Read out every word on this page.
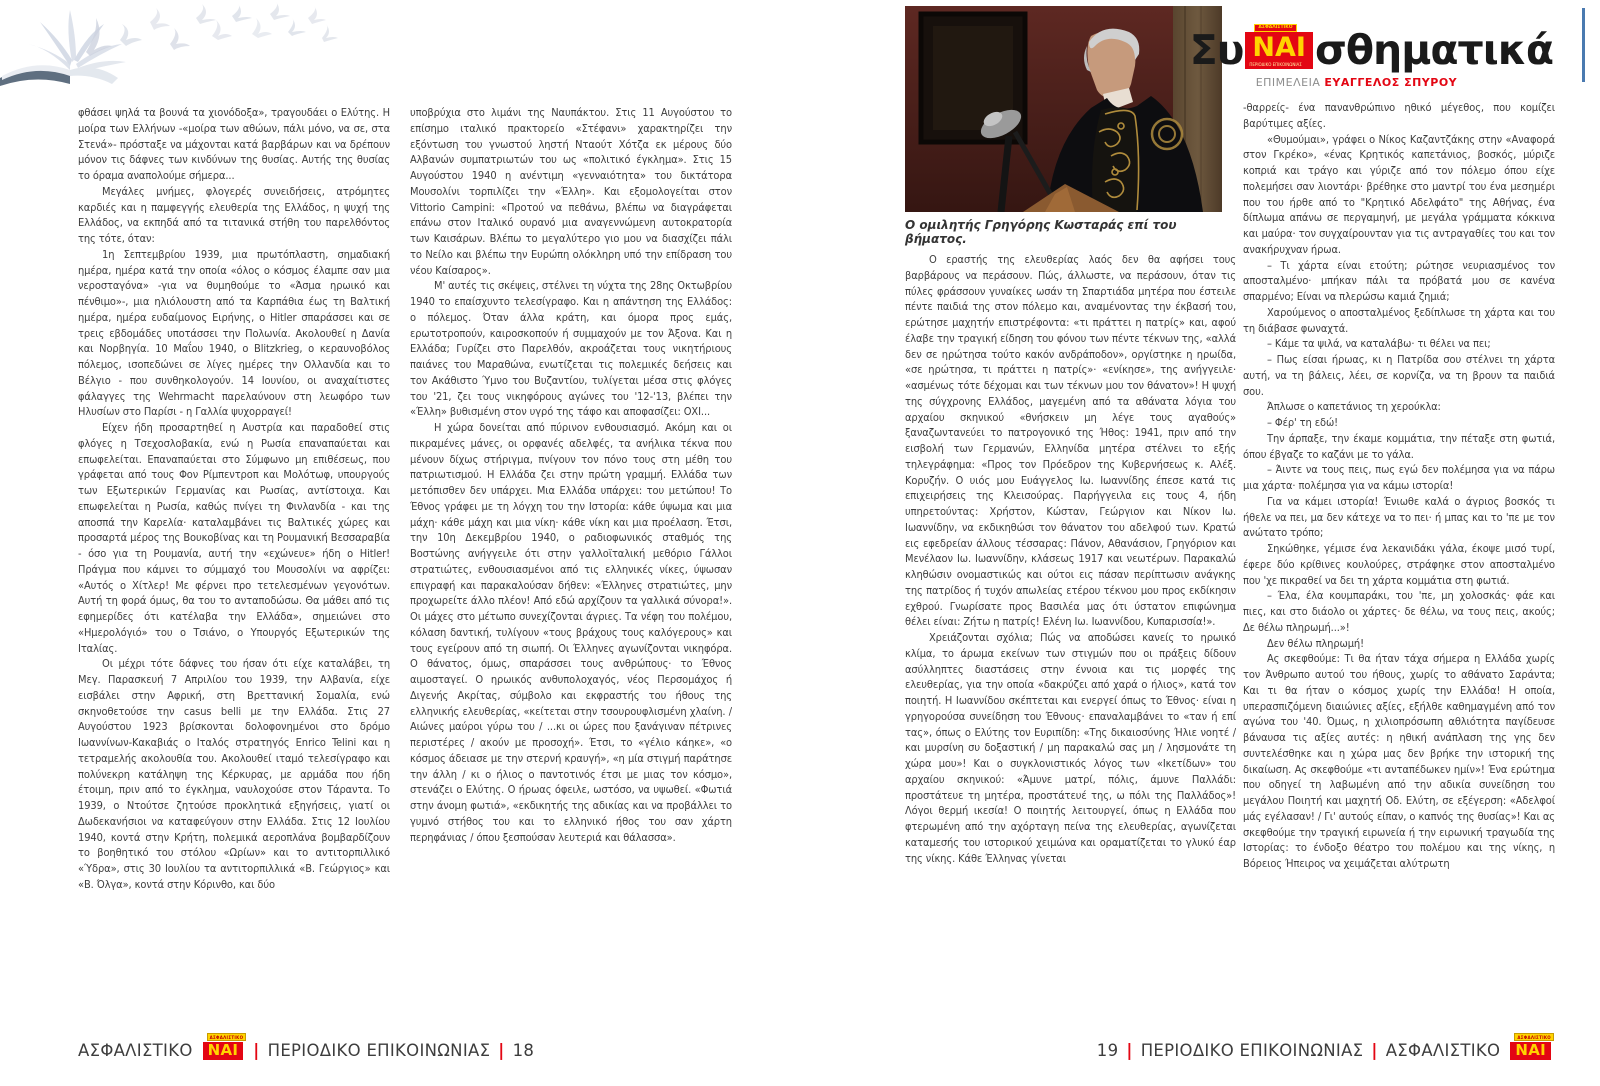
φθάσει ψηλά τα βουνά τα χιονόδοξα», τραγουδάει ο Ελύτης. Η μοίρα των Ελλήνων -«μοίρα των αθώων, πάλι μόνο, να σε, στα Στενά»- πρόσταξε να μάχονται κατά βαρβάρων και να δρέπουν μόνον τις δάφνες των κινδύνων της θυσίας. Αυτής της θυσίας το όραμα αναπολούμε σήμερα...

Μεγάλες μνήμες, φλογερές συνειδήσεις, ατρόμητες καρδιές και η παμφεγγής ελευθερία της Ελλάδος, η ψυχή της Ελλάδος, να εκπηδά από τα τιτανικά στήθη του παρελθόντος της τότε, όταν:

1η Σεπτεμβρίου 1939, μια πρωτόπλαστη, σημαδιακή ημέρα, ημέρα κατά την οποία «όλος ο κόσμος έλαμπε σαν μια νεροσταγόνα» -για να θυμηθούμε το «Άσμα ηρωικό και πένθιμο»-, μια ηλιόλουστη από τα Καρπάθια έως τη Βαλτική ημέρα, ημέρα ευδαίμονος Ειρήνης, ο Hitler σπαράσσει και σε τρεις εβδομάδες υποτάσσει την Πολωνία. Ακολουθεί η Δανία και Νορβηγία. 10 Μαΐου 1940, ο Blitzkrieg, ο κεραυνοβόλος πόλεμος, ισοπεδώνει σε λίγες ημέρες την Ολλανδία και το Βέλγιο - που συνθηκολογούν. 14 Ιουνίου, οι αναχαίτιστες φάλαγγες της Wehrmacht παρελαύνουν στη λεωφόρο των Ηλυσίων στο Παρίσι - η Γαλλία ψυχορραγεί!

Είχεν ήδη προσαρτηθεί η Αυστρία και παραδοθεί στις φλόγες η Τσεχοσλοβακία, ενώ η Ρωσία επαναπαύεται και επωφελείται. Επαναπαύεται στο Σύμφωνο μη επιθέσεως, που γράφεται από τους Φον Ρίμπεντροπ και Μολότωφ, υπουργούς των Εξωτερικών Γερμανίας και Ρωσίας, αντίστοιχα. Και επωφελείται η Ρωσία, καθώς πνίγει τη Φινλανδία - και της αποσπά την Καρελία· καταλαμβάνει τις Βαλτικές χώρες και προσαρτά μέρος της Βουκοβίνας και τη Ρουμανική Βεσσαραβία - όσο για τη Ρουμανία, αυτή την «εχώνευε» ήδη ο Hitler! Πράγμα που κάμνει το σύμμαχό του Μουσολίνι να αφρίζει: «Αυτός ο Χίτλερ! Με φέρνει προ τετελεσμένων γεγονότων. Αυτή τη φορά όμως, θα του το ανταποδώσω. Θα μάθει από τις εφημερίδες ότι κατέλαβα την Ελλάδα», σημειώνει στο «Ημερολόγιό» του ο Τσιάνο, ο Υπουργός Εξωτερικών της Ιταλίας.

Οι μέχρι τότε δάφνες του ήσαν ότι είχε καταλάβει, τη Μεγ. Παρασκευή 7 Απριλίου του 1939, την Αλβανία, είχε εισβάλει στην Αφρική, στη Βρεττανική Σομαλία, ενώ σκηνοθετούσε την casus belli με την Ελλάδα. Στις 27 Αυγούστου 1923 βρίσκονται δολοφονημένοι στο δρόμο Ιωαννίνων-Κακαβιάς ο Ιταλός στρατηγός Enrico Telini και η τετραμελής ακολουθία του. Ακολουθεί ιταμό τελεσίγραφο και πολύνεκρη κατάληψη της Κέρκυρας, με αρμάδα που ήδη έτοιμη, πριν από το έγκλημα, ναυλοχούσε στον Τάραντα. Το 1939, ο Ντούτσε ζητούσε προκλητικά εξηγήσεις, γιατί οι Δωδεκανήσιοι να καταφεύγουν στην Ελλάδα. Στις 12 Ιουλίου 1940, κοντά στην Κρήτη, πολεμικά αεροπλάνα βομβαρδίζουν το βοηθητικό του στόλου «Ωρίων» και το αντιτορπιλλικό «Ύδρα», στις 30 Ιουλίου τα αντιτορπιλλικά «Β. Γεώργιος» και «Β. Όλγα», κοντά στην Κόρινθο, και δύο

υποβρύχια στο λιμάνι της Ναυπάκτου. Στις 11 Αυγούστου το επίσημο ιταλικό πρακτορείο «Στέφανι» χαρακτηρίζει την εξόντωση του γνωστού ληστή Νταούτ Χότζα εκ μέρους δύο Αλβανών συμπατριωτών του ως «πολιτικό έγκλημα». Στις 15 Αυγούστου 1940 η ανέντιμη «γενναιότητα» του δικτάτορα Μουσολίνι τορπιλίζει την «Έλλη». Και εξομολογείται στον Vittorio Campini: «Προτού να πεθάνω, βλέπω να διαγράφεται επάνω στον Ιταλικό ουρανό μια αναγεννώμενη αυτοκρατορία των Καισάρων. Βλέπω το μεγαλύτερο γιο μου να διασχίζει πάλι το Νείλο και βλέπω την Ευρώπη ολόκληρη υπό την επίδραση του νέου Καίσαρος».

Μ' αυτές τις σκέψεις, στέλνει τη νύχτα της 28ης Οκτωβρίου 1940 το επαίσχυντο τελεσίγραφο. Και η απάντηση της Ελλάδος: ο πόλεμος. Όταν άλλα κράτη, και όμορα προς εμάς, ερωτοτροπούν, καιροσκοπούν ή συμμαχούν με τον Άξονα. Και η Ελλάδα; Γυρίζει στο Παρελθόν, ακροάζεται τους νικητήριους παιάνες του Μαραθώνα, ενωτίζεται τις πολεμικές δεήσεις και τον Ακάθιστο Ύμνο του Βυζαντίου, τυλίγεται μέσα στις φλόγες του '21, ζει τους νικηφόρους αγώνες του '12-'13, βλέπει την «Έλλη» βυθισμένη στον υγρό της τάφο και αποφασίζει: ΟΧΙ...

Η χώρα δονείται από πύρινον ενθουσιασμό. Ακόμη και οι πικραμένες μάνες, οι ορφανές αδελφές, τα ανήλικα τέκνα που μένουν δίχως στήριγμα, πνίγουν τον πόνο τους στη μέθη του πατριωτισμού. Η Ελλάδα ζει στην πρώτη γραμμή. Ελλάδα των μετόπισθεν δεν υπάρχει. Μια Ελλάδα υπάρχει: του μετώπου! Το Έθνος γράφει με τη λόγχη του την Ιστορία: κάθε ύψωμα και μια μάχη· κάθε μάχη και μια νίκη· κάθε νίκη και μια προέλαση. Έτσι, την 10η Δεκεμβρίου 1940, ο ραδιοφωνικός σταθμός της Βοστώνης ανήγγειλε ότι στην γαλλοϊταλική μεθόριο Γάλλοι στρατιώτες, ενθουσιασμένοι από τις ελληνικές νίκες, ύψωσαν επιγραφή και παρακαλούσαν δήθεν: «Έλληνες στρατιώτες, μην προχωρείτε άλλο πλέον! Από εδώ αρχίζουν τα γαλλικά σύνορα!». Οι μάχες στο μέτωπο συνεχίζονται άγριες. Τα νέφη του πολέμου, κόλαση δαντική, τυλίγουν «τους βράχους τους καλόγερους» και τους εγείρουν από τη σιωπή. Οι Έλληνες αγωνίζονται νικηφόρα. Ο θάνατος, όμως, σπαράσσει τους ανθρώπους· το Έθνος αιμοσταγεί. Ο ηρωικός ανθυπολοχαγός, νέος Περσομάχος ή Διγενής Ακρίτας, σύμβολο και εκφραστής του ήθους της ελληνικής ελευθερίας, «κείτεται στην τσουρουφλισμένη χλαίνη. / Αιώνες μαύροι γύρω του / ...κι οι ώρες που ξανάγιναν πέτρινες περιστέρες / ακούν με προσοχή». Έτσι, το «γέλιο κάηκε», «ο κόσμος άδειασε με την στερνή κραυγή», «η μία στιγμή παράτησε την άλλη / κι ο ήλιος ο παντοτινός έτσι με μιας τον κόσμο», στενάζει ο Ελύτης. Ο ήρωας όφειλε, ωστόσο, να υψωθεί. «Φωτιά στην άνομη φωτιά», «εκδικητής της αδικίας και να προβάλλει το γυμνό στήθος του και το ελληνικό ήθος του σαν χάρτη περηφάνιας / όπου ξεσπούσαν λευτεριά και θάλασσα».

Ο ομιλητής Γρηγόρης Κωσταράς επί του βήματος.

Ο εραστής της ελευθερίας λαός δεν θα αφήσει τους βαρβάρους να περάσουν. Πώς, άλλωστε, να περάσουν, όταν τις πύλες φράσσουν γυναίκες ωσάν τη Σπαρτιάδα μητέρα που έστειλε πέντε παιδιά της στον πόλεμο και, αναμένοντας την έκβασή του, ερώτησε μαχητήν επιστρέφοντα: «τι πράττει η πατρίς» και, αφού έλαβε την τραγική είδηση του φόνου των πέντε τέκνων της, «αλλά δεν σε ηρώτησα τούτο κακόν ανδράποδον», οργίστηκε η ηρωίδα, «σε ηρώτησα, τι πράττει η πατρίς»· «ενίκησε», της ανήγγειλε· «ασμένως τότε δέχομαι και των τέκνων μου τον θάνατον»! Η ψυχή της σύγχρονης Ελλάδος, μαγεμένη από τα αθάνατα λόγια του αρχαίου σκηνικού «θνήσκειν μη λέγε τους αγαθούς» ξαναζωντανεύει το πατρογονικό της Ήθος: 1941, πριν από την εισβολή των Γερμανών, Ελληνίδα μητέρα στέλνει το εξής τηλεγράφημα: «Προς τον Πρόεδρον της Κυβερνήσεως κ. Αλέξ. Κορυζήν. Ο υιός μου Ευάγγελος Ιω. Ιωαννίδης έπεσε κατά τις επιχειρήσεις της Κλεισούρας. Παρήγγειλα εις τους 4, ήδη υπηρετούντας: Χρήστον, Κώσταν, Γεώργιον και Νίκον Ιω. Ιωαννίδην, να εκδικηθώσι τον θάνατον του αδελφού των. Κρατώ εις εφεδρείαν άλλους τέσσαρας: Πάνον, Αθανάσιον, Γρηγόριον και Μενέλαον Ιω. Ιωαννίδην, κλάσεως 1917 και νεωτέρων. Παρακαλώ κληθώσιν ονομαστικώς και ούτοι εις πάσαν περίπτωσιν ανάγκης της πατρίδος ή τυχόν απωλείας ετέρου τέκνου μου προς εκδίκησιν εχθρού. Γνωρίσατε προς Βασιλέα μας ότι ύστατον επιφώνημα θέλει είναι: Ζήτω η πατρίς! Ελένη Ιω. Ιωαννίδου, Κυπαρισσία!».

Χρειάζονται σχόλια; Πώς να αποδώσει κανείς το ηρωικό κλίμα, το άρωμα εκείνων των στιγμών που οι πράξεις δίδουν ασύλληπτες διαστάσεις στην έννοια και τις μορφές της ελευθερίας, για την οποία «δακρύζει από χαρά ο ήλιος», κατά τον ποιητή. Η Ιωαννίδου σκέπτεται και ενεργεί όπως το Έθνος· είναι η γρηγορούσα συνείδηση του Έθνους· επαναλαμβάνει το «ταν ή επί τας», όπως ο Ελύτης τον Ευριπίδη: «Της δικαιοσύνης Ήλιε νοητέ / και μυρσίνη συ δοξαστική / μη παρακαλώ σας μη / λησμονάτε τη χώρα μου»! Και ο συγκλονιστικός λόγος των «Ικετίδων» του αρχαίου σκηνικού: «Άμυνε ματρί, πόλις, άμυνε Παλλάδι: προστάτευε τη μητέρα, προστάτευέ της, ω πόλι της Παλλάδος»! Λόγοι θερμή ικεσία! Ο ποιητής λειτουργεί, όπως η Ελλάδα που φτερωμένη από την αχόρταγη πείνα της ελευθερίας, αγωνίζεται καταμεσής του ιστορικού χειμώνα και οραματίζεται το γλυκύ έαρ της νίκης. Κάθε Έλληνας γίνεται

-θαρρείς- ένα πανανθρώπινο ηθικό μέγεθος, που κομίζει βαρύτιμες αξίες.

«Θυμούμαι», γράφει ο Νίκος Καζαντζάκης στην «Αναφορά στον Γκρέκο», «ένας Κρητικός καπετάνιος, βοσκός, μύριζε κοπριά και τράγο και γύριζε από τον πόλεμο όπου είχε πολεμήσει σαν λιοντάρι· βρέθηκε στο μαντρί του ένα μεσημέρι που του ήρθε από το "Κρητικό Αδελφάτο" της Αθήνας, ένα δίπλωμα απάνω σε περγαμηνή, με μεγάλα γράμματα κόκκινα και μαύρα· τον συγχαίρουνταν για τις αντραγαθίες του και τον ανακήρυχναν ήρωα.

– Τι χάρτα είναι ετούτη; ρώτησε νευριασμένος τον αποσταλμένο· μπήκαν πάλι τα πρόβατά μου σε κανένα σπαρμένο; Είναι να πλερώσω καμιά ζημιά;

Χαρούμενος ο αποσταλμένος ξεδίπλωσε τη χάρτα και του τη διάβασε φωναχτά.

– Κάμε τα ψιλά, να καταλάβω· τι θέλει να πει;

– Πως είσαι ήρωας, κι η Πατρίδα σου στέλνει τη χάρτα αυτή, να τη βάλεις, λέει, σε κορνίζα, να τη βρουν τα παιδιά σου.

Άπλωσε ο καπετάνιος τη χερούκλα:

– Φέρ' τη εδώ!

Την άρπαξε, την έκαμε κομμάτια, την πέταξε στη φωτιά, όπου έβγαζε το καζάνι με το γάλα.

– Άιντε να τους πεις, πως εγώ δεν πολέμησα για να πάρω μια χάρτα· πολέμησα για να κάμω ιστορία!

Για να κάμει ιστορία! Ένιωθε καλά ο άγριος βοσκός τι ήθελε να πει, μα δεν κάτεχε να το πει· ή μπας και το 'πε με τον ανώτατο τρόπο;

Σηκώθηκε, γέμισε ένα λεκανιδάκι γάλα, έκοψε μισό τυρί, έφερε δύο κρίθινες κουλούρες, στράφηκε στον αποσταλμένο που 'χε πικραθεί να δει τη χάρτα κομμάτια στη φωτιά.

– Έλα, έλα κουμπαράκι, του 'πε, μη χολοσκάς· φάε και πιες, και στο διάολο οι χάρτες· δε θέλω, να τους πεις, ακούς; Δε θέλω πληρωμή...»!

Δεν θέλω πληρωμή!

Ας σκεφθούμε: Τι θα ήταν τάχα σήμερα η Ελλάδα χωρίς τον Άνθρωπο αυτού του ήθους, χωρίς το αθάνατο Σαράντα; Και τι θα ήταν ο κόσμος χωρίς την Ελλάδα! Η οποία, υπερασπιζόμενη διαιώνιες αξίες, εξήλθε καθημαγμένη από τον αγώνα του '40. Όμως, η χιλιοπρόσωπη αθλιότητα παγίδευσε βάναυσα τις αξίες αυτές: η ηθική ανάπλαση της γης δεν συντελέσθηκε και η χώρα μας δεν βρήκε την ιστορική της δικαίωση. Ας σκεφθούμε «τι ανταπέδωκεν ημίν»! Ένα ερώτημα που οδηγεί τη λαβωμένη από την αδικία συνείδηση του μεγάλου Ποιητή και μαχητή Οδ. Ελύτη, σε εξέγερση: «Αδελφοί μάς εγέλασαν! / Γι' αυτούς είπαν, ο καπνός της θυσίας»! Και ας σκεφθούμε την τραγική ειρωνεία ή την ειρωνική τραγωδία της Ιστορίας: το ένδοξο θέατρο του πολέμου και της νίκης, η Βόρειος Ήπειρος να χειμάζεται αλύτρωτη

Συ	ΑΣΦΑΛΙΣΤΙΚΟ
ΝΑΙ
ΠΕΡΙΟΔΙΚΟ ΕΠΙΚΟΙΝΩΝΙΑΣ σθηματικά
ΕΠΙΜΕΛΕΙΑ ΕΥΑΓΓΕΛΟΣ ΣΠΥΡΟΥ
ΑΣΦΑΛΙΣΤΙΚΟ
ΑΣΦΑΛΙΣΤΙΚΟ
ΝΑΙ | ΠΕΡΙΟΔΙΚΟ ΕΠΙΚΟΙΝΩΝΙΑΣ | 18	19 | ΠΕΡΙΟΔΙΚΟ ΕΠΙΚΟΙΝΩΝΙΑΣ | ΑΣΦΑΛΙΣΤΙΚΟ
ΑΣΦΑΛΙΣΤΙΚΟ
ΝΑΙ
